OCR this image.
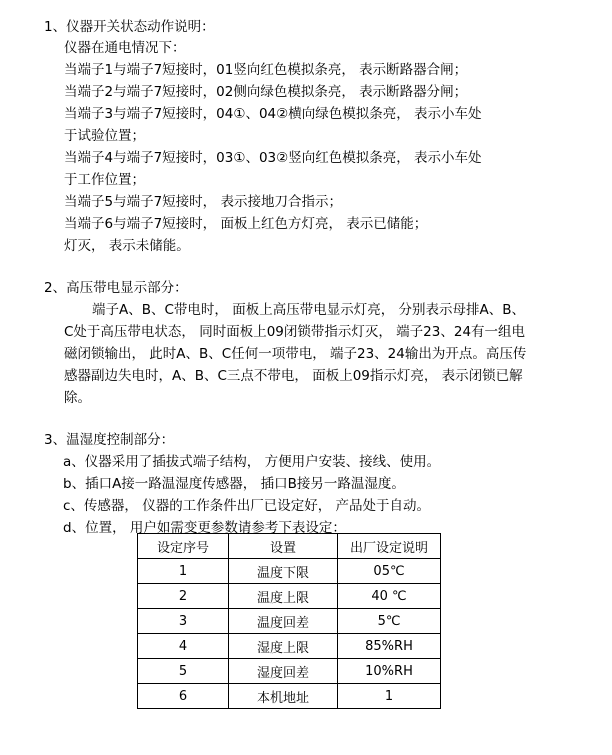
1、仪器开关状态动作说明：
仪器在通电情况下：
当端子1与端子7短接时，01竖向红色模拟条亮， 表示断路器合闸；
当端子2与端子7短接时，02侧向绿色模拟条亮， 表示断路器分闸；
当端子3与端子7短接时，04①、04②横向绿色模拟条亮， 表示小车处
于试验位置；
当端子4与端子7短接时，03①、03②竖向红色模拟条亮， 表示小车处
于工作位置；
当端子5与端子7短接时， 表示接地刀合指示；
当端子6与端子7短接时， 面板上红色方灯亮， 表示已储能；
灯灭， 表示未储能。
2、高压带电显示部分：
端子A、B、C带电时， 面板上高压带电显示灯亮， 分别表示母排A、B、
C处于高压带电状态， 同时面板上09闭锁带指示灯灭， 端子23、24有一组电
磁闭锁输出， 此时A、B、C任何一项带电， 端子23、24输出为开点。高压传
感器副边失电时，A、B、C三点不带电， 面板上09指示灯亮， 表示闭锁已解
除。
3、温湿度控制部分：
a、仪器采用了插拔式端子结构， 方便用户安装、接线、使用。
b、插口A接一路温湿度传感器， 插口B接另一路温湿度。
c、传感器， 仪器的工作条件出厂已设定好， 产品处于自动。
d、位置， 用户如需变更参数请参考下表设定：
设定序号	设置	出厂设定说明
1	温度下限	05℃
2	温度上限	40 ℃
3	温度回差	5℃
4	湿度上限	85%RH
5	湿度回差	10%RH
6	本机地址	1
